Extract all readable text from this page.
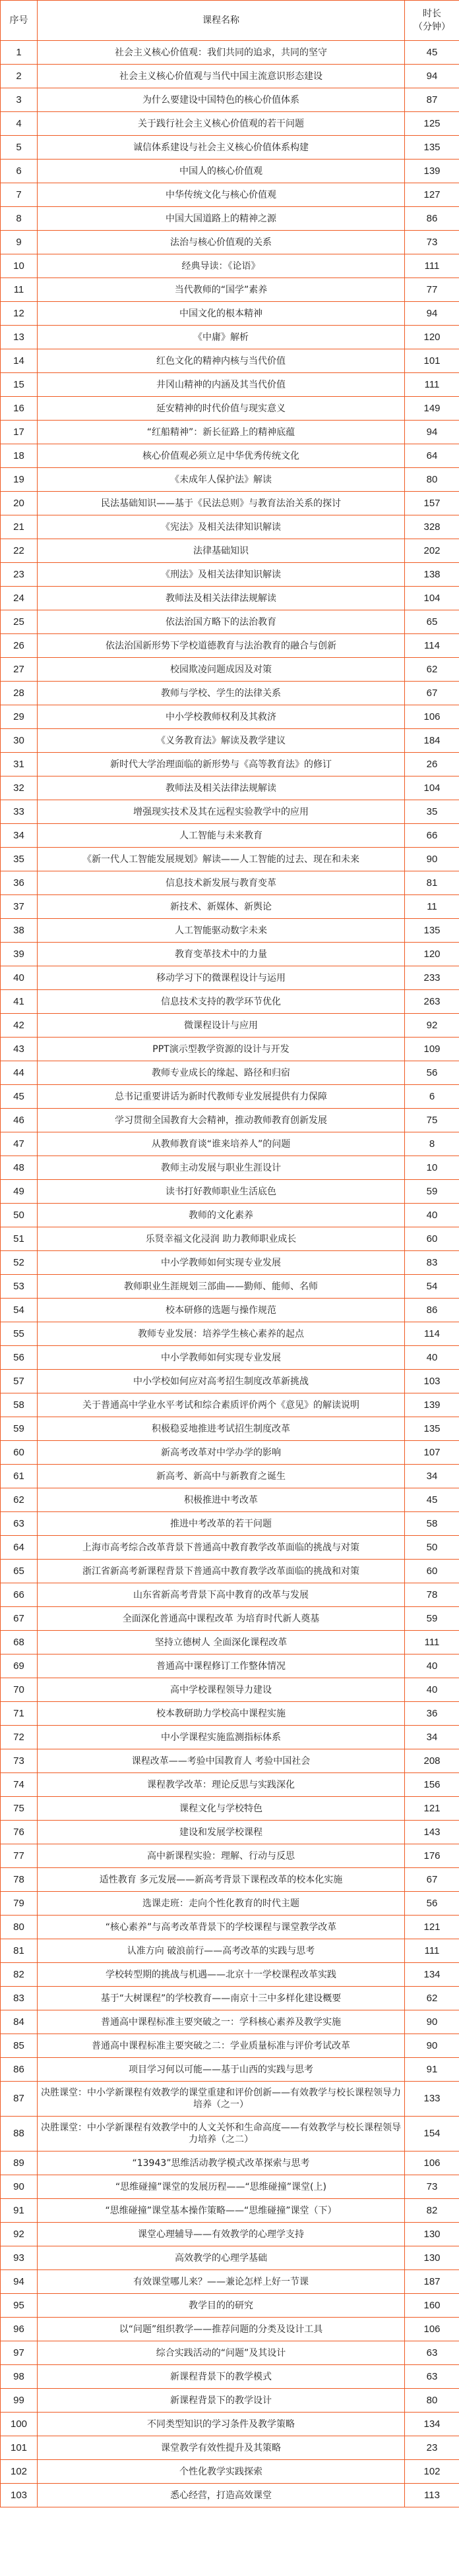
序号	课程名称	时长
（分钟）

1	社会主义核心价值观：我们共同的追求，共同的坚守	45
2	社会主义核心价值观与当代中国主流意识形态建设	94
3	为什么要建设中国特色的核心价值体系	87
4	关于践行社会主义核心价值观的若干问题	125
5	诚信体系建设与社会主义核心价值体系构建	135
6	中国人的核心价值观	139
7	中华传统文化与核心价值观	127
8	中国大国道路上的精神之源	86
9	法治与核心价值观的关系	73
10	经典导读：《论语》	111
11	当代教师的“国学”素养	77
12	中国文化的根本精神	94
13	《中庸》解析	120
14	红色文化的精神内核与当代价值	101
15	井冈山精神的内涵及其当代价值	111
16	延安精神的时代价值与现实意义	149
17	“红船精神”：新长征路上的精神底蕴	94
18	核心价值观必须立足中华优秀传统文化	64
19	《未成年人保护法》解读	80
20	民法基础知识——基于《民法总则》与教育法治关系的探讨	157
21	《宪法》及相关法律知识解读	328
22	法律基础知识	202
23	《刑法》及相关法律知识解读	138
24	教师法及相关法律法规解读	104
25	依法治国方略下的法治教育	65
26	依法治国新形势下学校道德教育与法治教育的融合与创新	114
27	校园欺凌问题成因及对策	62
28	教师与学校、学生的法律关系	67
29	中小学校教师权利及其救济	106
30	《义务教育法》解读及教学建议	184
31	新时代大学治理面临的新形势与《高等教育法》的修订	26
32	教师法及相关法律法规解读	104
33	增强现实技术及其在远程实验教学中的应用	35
34	人工智能与未来教育	66
35	《新一代人工智能发展规划》解读——人工智能的过去、现在和未来	90
36	信息技术新发展与教育变革	81
37	新技术、新媒体、新舆论	11
38	人工智能驱动数字未来	135
39	教育变革技术中的力量	120
40	移动学习下的微课程设计与运用	233
41	信息技术支持的教学环节优化	263
42	微课程设计与应用	92
43	PPT演示型教学资源的设计与开发	109
44	教师专业成长的缘起、路径和归宿	56
45	总书记重要讲话为新时代教师专业发展提供有力保障	6
46	学习贯彻全国教育大会精神，推动教师教育创新发展	75
47	从教师教育谈“谁来培养人”的问题	8
48	教师主动发展与职业生涯设计	10
49	读书打好教师职业生活底色	59
50	教师的文化素养	40
51	乐贤幸福文化浸润 助力教师职业成长	60
52	中小学教师如何实现专业发展	83
53	教师职业生涯规划三部曲——勤师、能师、名师	54
54	校本研修的选题与操作规范	86
55	教师专业发展：培养学生核心素养的起点	114
56	中小学教师如何实现专业发展	40
57	中小学校如何应对高考招生制度改革新挑战	103
58	关于普通高中学业水平考试和综合素质评价两个《意见》的解读说明	139
59	积极稳妥地推进考试招生制度改革	135
60	新高考改革对中学办学的影响	107
61	新高考、新高中与新教育之诞生	34
62	积极推进中考改革	45
63	推进中考改革的若干问题	58
64	上海市高考综合改革背景下普通高中教育教学改革面临的挑战与对策	50
65	浙江省新高考新课程背景下普通高中教育教学改革面临的挑战和对策	60
66	山东省新高考背景下高中教育的改革与发展	78
67	全面深化普通高中课程改革 为培育时代新人奠基	59
68	坚持立德树人 全面深化课程改革	111
69	普通高中课程修订工作整体情况	40
70	高中学校课程领导力建设	40
71	校本教研助力学校高中课程实施	36
72	中小学课程实施监测指标体系	34
73	课程改革——考验中国教育人 考验中国社会	208
74	课程教学改革：理论反思与实践深化	156
75	课程文化与学校特色	121
76	建设和发展学校课程	143
77	高中新课程实验：理解、行动与反思	176
78	适性教育 多元发展——新高考背景下课程改革的校本化实施	67
79	选课走班：走向个性化教育的时代主题	56
80	“核心素养”与高考改革背景下的学校课程与课堂教学改革	121
81	认准方向 破浪前行——高考改革的实践与思考	111
82	学校转型期的挑战与机遇——北京十一学校课程改革实践	134
83	基于“大树课程”的学校教育——南京十三中多样化建设概要	62
84	普通高中课程标准主要突破之一：学科核心素养及教学实施	90
85	普通高中课程标准主要突破之二：学业质量标准与评价考试改革	90
86	项目学习何以可能——基于山西的实践与思考	91
87	决胜课堂：中小学新课程有效教学的课堂重建和评价创新——有效教学与校长课程领导力培养（之一）	133
88	决胜课堂：中小学新课程有效教学中的人文关怀和生命高度——有效教学与校长课程领导力培养（之二）	154
89	“13943”思维活动教学模式改革探索与思考	106
90	“思维碰撞”课堂的发展历程——“思维碰撞”课堂(上)	73
91	“思维碰撞”课堂基本操作策略——“思维碰撞”课堂（下）	82
92	课堂心理辅导——有效教学的心理学支持	130
93	高效教学的心理学基础	130
94	有效课堂哪儿来？——兼论怎样上好一节课	187
95	教学目的的研究	160
96	以“问题”组织教学——推荐问题的分类及设计工具	106
97	综合实践活动的“问题”及其设计	63
98	新课程背景下的教学模式	63
99	新课程背景下的教学设计	80
100	不同类型知识的学习条件及教学策略	134
101	课堂教学有效性提升及其策略	23
102	个性化教学实践探索	102
103	悉心经营，打造高效课堂	113
